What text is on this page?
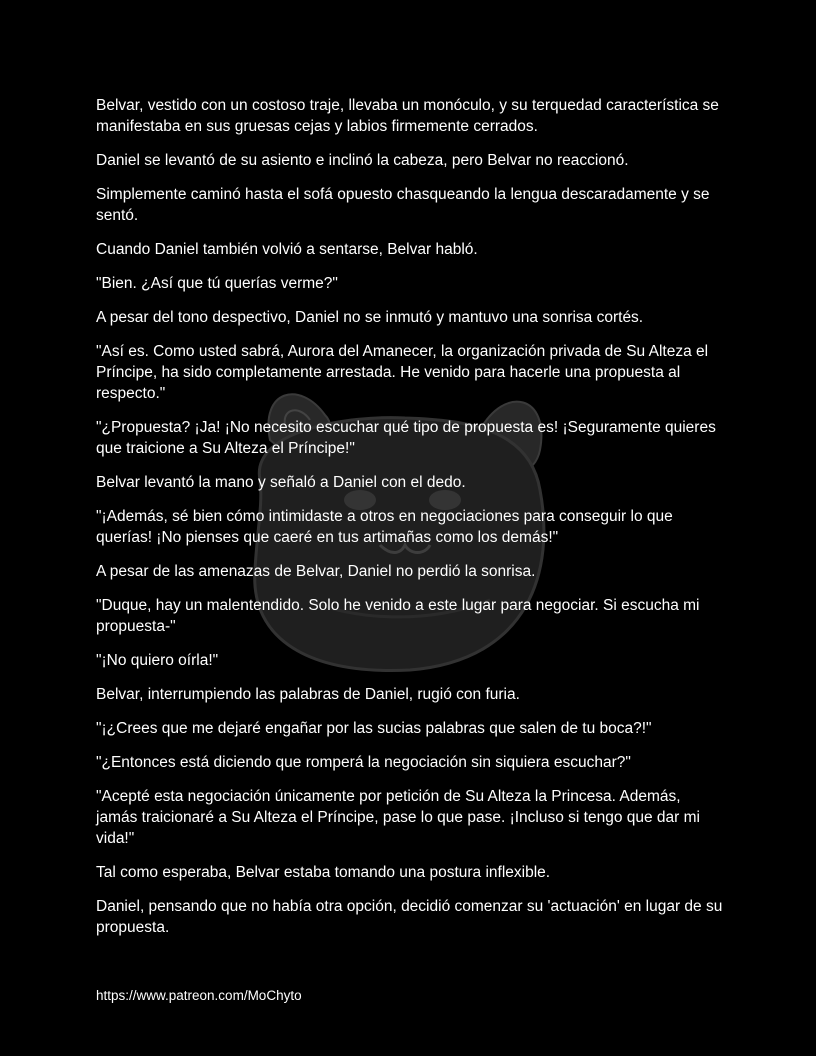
Belvar, vestido con un costoso traje, llevaba un monóculo, y su terquedad característica se manifestaba en sus gruesas cejas y labios firmemente cerrados.

Daniel se levantó de su asiento e inclinó la cabeza, pero Belvar no reaccionó.

Simplemente caminó hasta el sofá opuesto chasqueando la lengua descaradamente y se sentó.

Cuando Daniel también volvió a sentarse, Belvar habló.

"Bien. ¿Así que tú querías verme?"

A pesar del tono despectivo, Daniel no se inmutó y mantuvo una sonrisa cortés.

"Así es. Como usted sabrá, Aurora del Amanecer, la organización privada de Su Alteza el Príncipe, ha sido completamente arrestada. He venido para hacerle una propuesta al respecto."

"¿Propuesta? ¡Ja! ¡No necesito escuchar qué tipo de propuesta es! ¡Seguramente quieres que traicione a Su Alteza el Príncipe!"

Belvar levantó la mano y señaló a Daniel con el dedo.

"¡Además, sé bien cómo intimidaste a otros en negociaciones para conseguir lo que querías! ¡No pienses que caeré en tus artimañas como los demás!"

A pesar de las amenazas de Belvar, Daniel no perdió la sonrisa.

"Duque, hay un malentendido. Solo he venido a este lugar para negociar. Si escucha mi propuesta-"

"¡No quiero oírla!"

Belvar, interrumpiendo las palabras de Daniel, rugió con furia.

"¡¿Crees que me dejaré engañar por las sucias palabras que salen de tu boca?!"

"¿Entonces está diciendo que romperá la negociación sin siquiera escuchar?"

"Acepté esta negociación únicamente por petición de Su Alteza la Princesa. Además, jamás traicionaré a Su Alteza el Príncipe, pase lo que pase. ¡Incluso si tengo que dar mi vida!"

Tal como esperaba, Belvar estaba tomando una postura inflexible.

Daniel, pensando que no había otra opción, decidió comenzar su 'actuación' en lugar de su propuesta.

https://www.patreon.com/MoChyto
